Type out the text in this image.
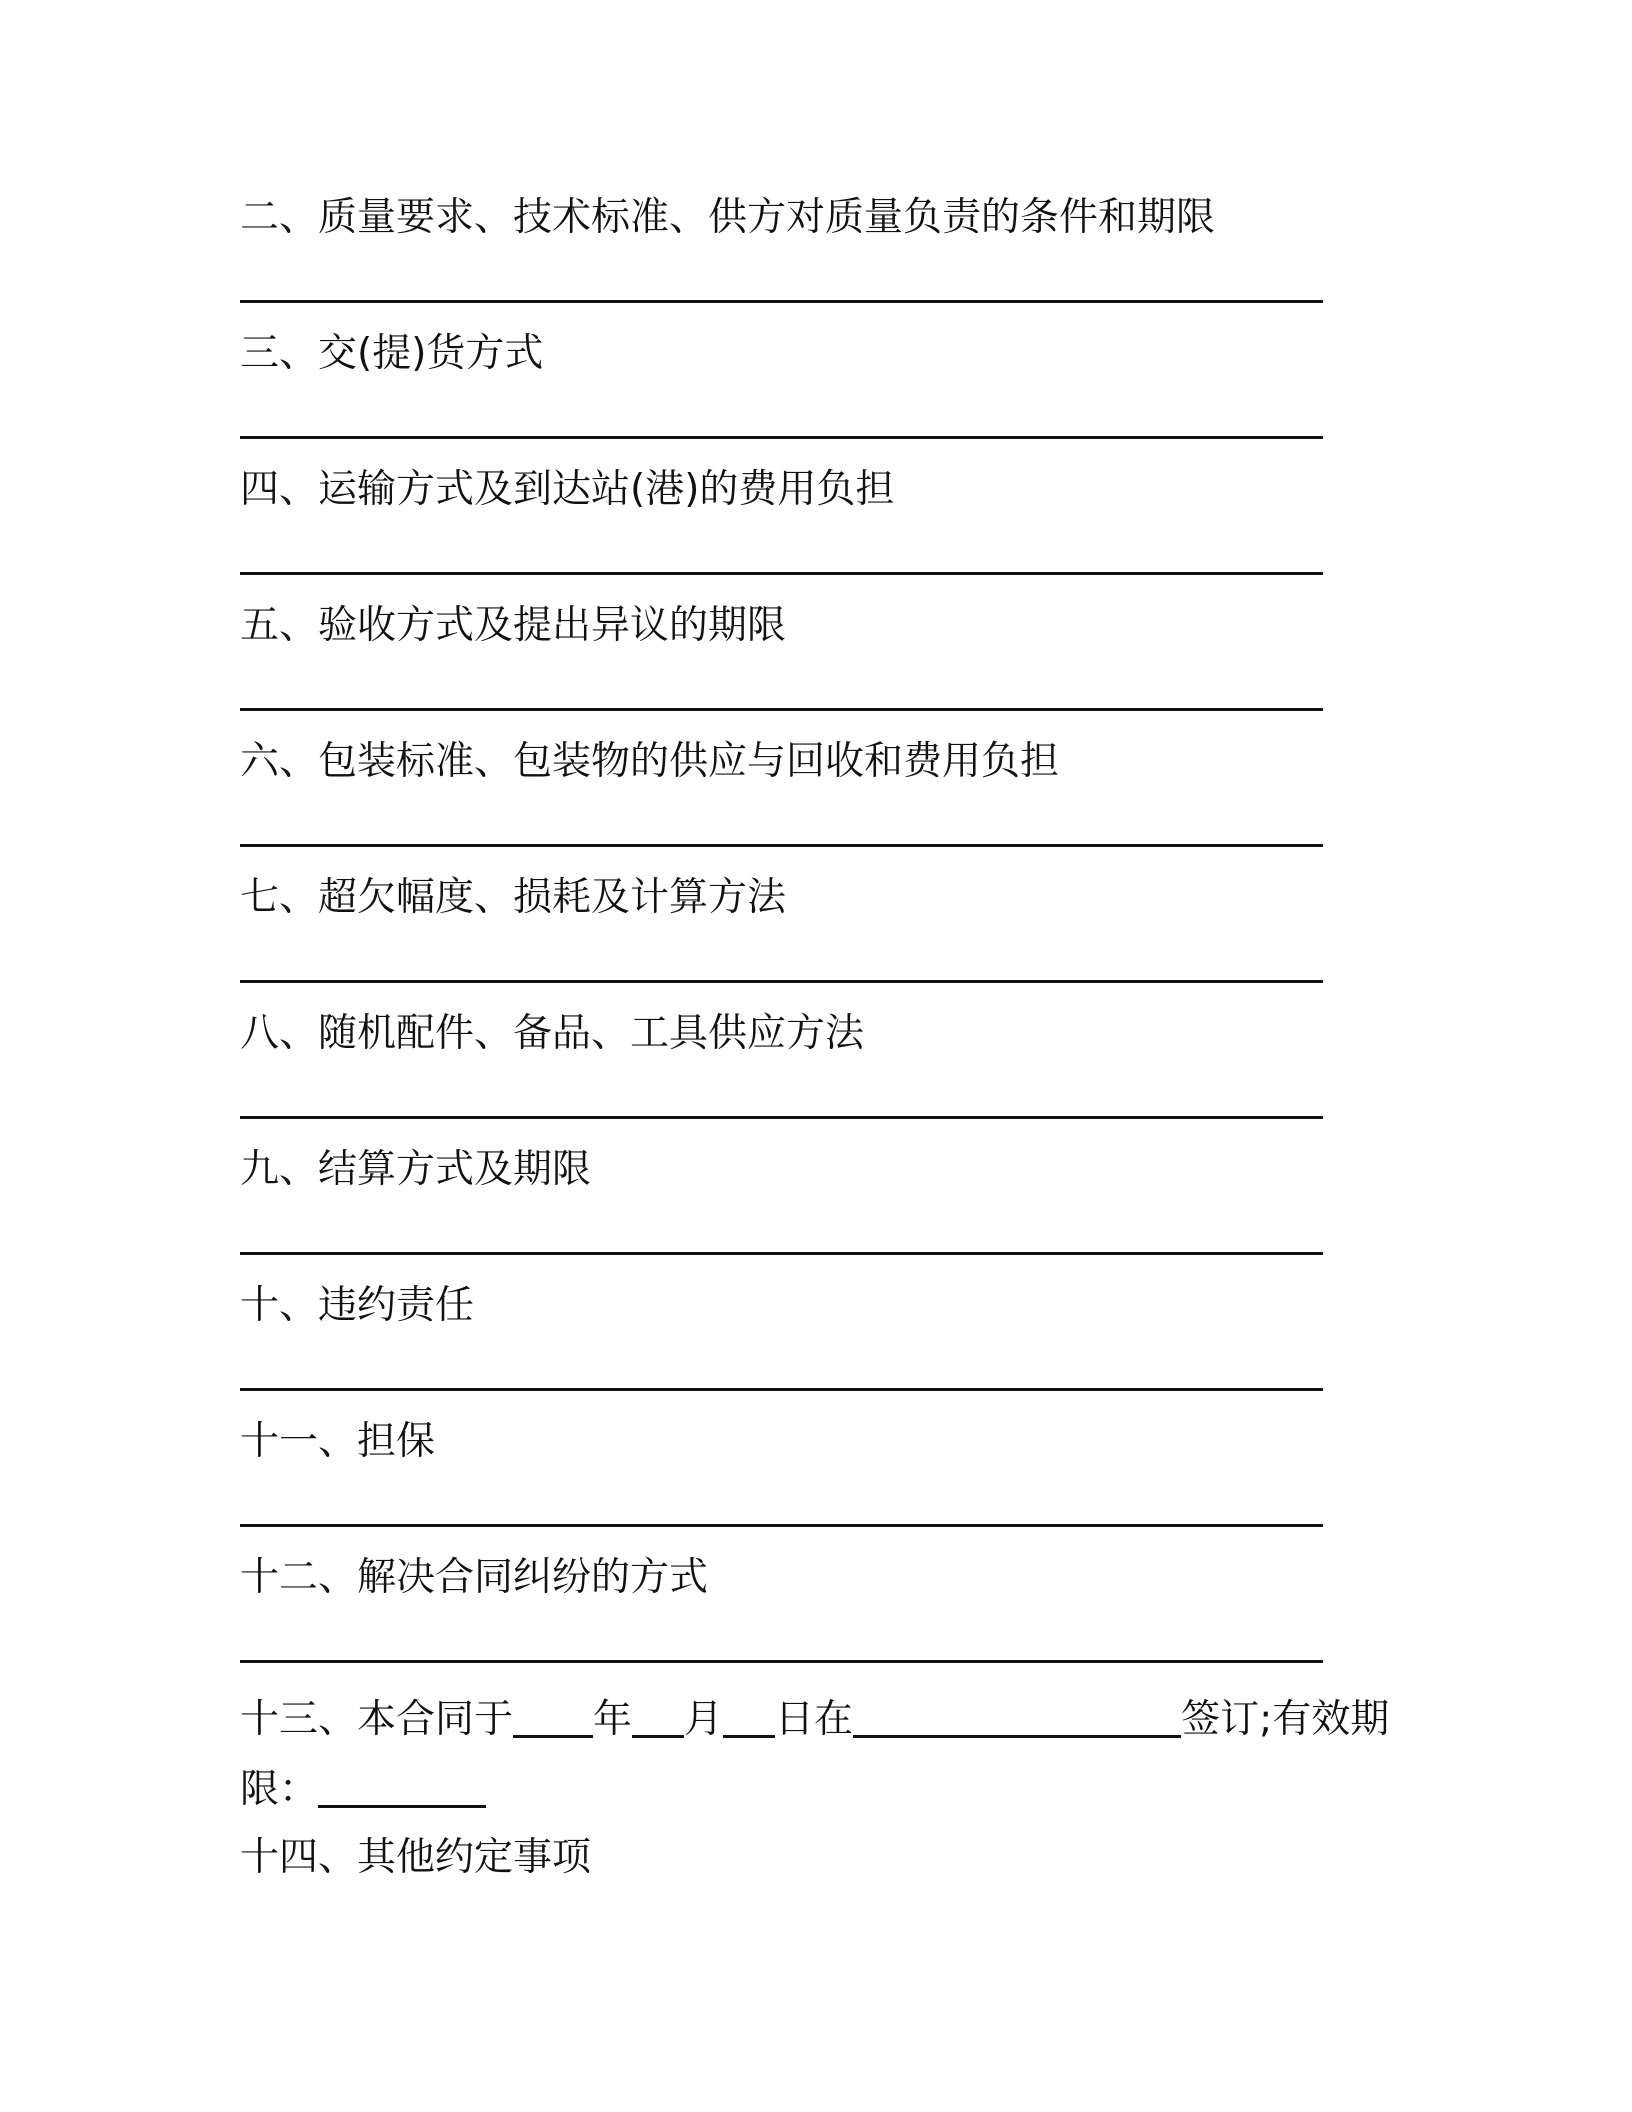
二、质量要求、技术标准、供方对质量负责的条件和期限
三、交(提)货方式
四、运输方式及到达站(港)的费用负担
五、验收方式及提出异议的期限
六、包装标准、包装物的供应与回收和费用负担
七、超欠幅度、损耗及计算方法
八、随机配件、备品、工具供应方法
九、结算方式及期限
十、违约责任
十一、担保
十二、解决合同纠纷的方式
十三、本合同于 年 月 日在	签订;有效期
限：
十四、其他约定事项
